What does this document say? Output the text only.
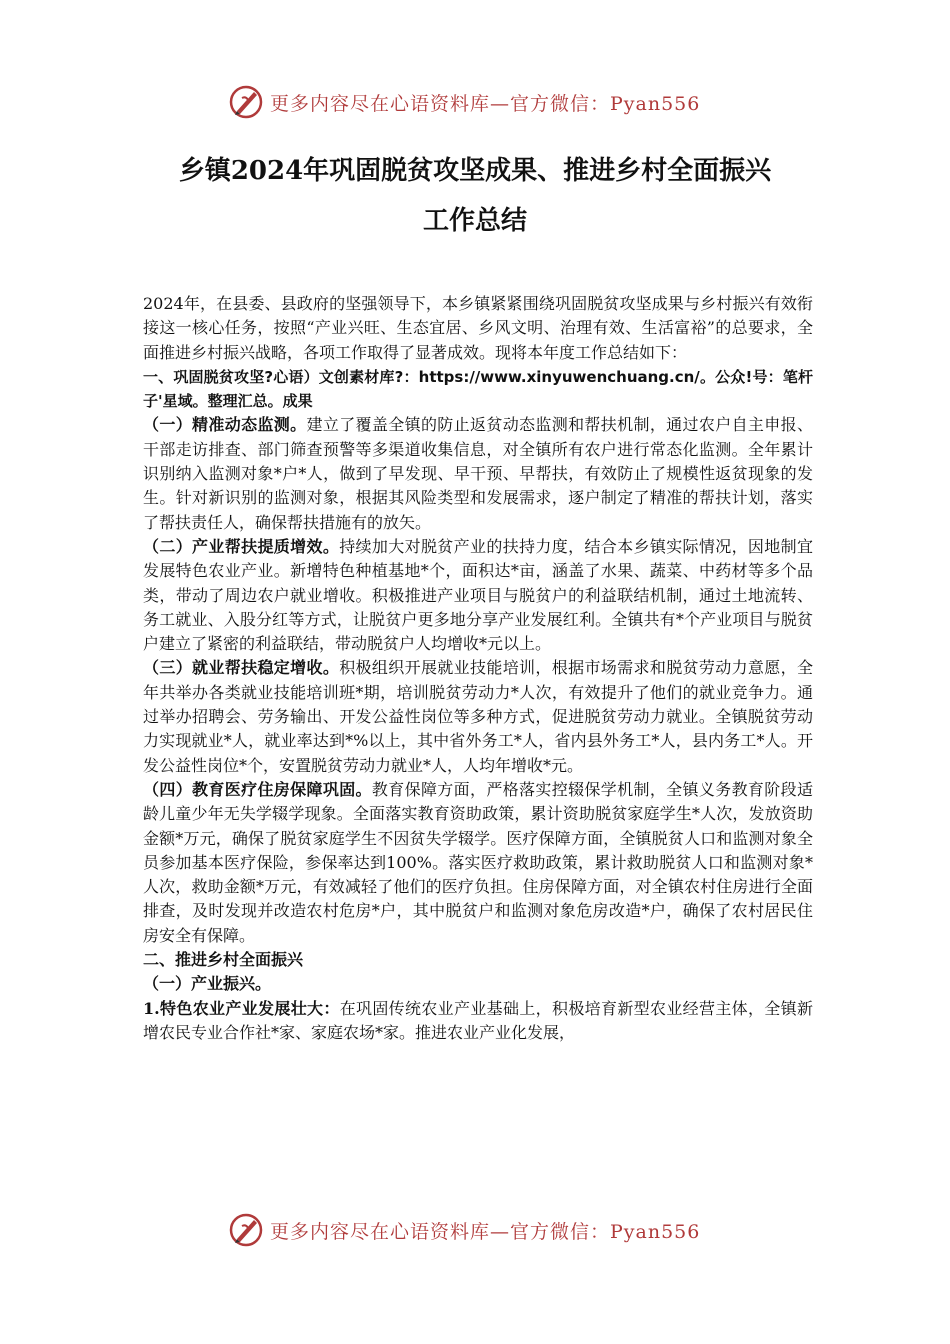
更多内容尽在心语资料库—官方微信：Pyan556
乡镇2024年巩固脱贫攻坚成果、推进乡村全面振兴
工作总结

2024年，在县委、县政府的坚强领导下，本乡镇紧紧围绕巩固脱贫攻坚成果与乡村振兴有效衔接这一核心任务，按照“产业兴旺、生态宜居、乡风文明、治理有效、生活富裕”的总要求，全面推进乡村振兴战略，各项工作取得了显著成效。现将本年度工作总结如下：

一、巩固脱贫攻坚?心语）文创素材库?：https://www.xinyuwenchuang.cn/。公众!号：笔杆子'星域。整理汇总。成果

（一）精准动态监测。建立了覆盖全镇的防止返贫动态监测和帮扶机制，通过农户自主申报、干部走访排查、部门筛查预警等多渠道收集信息，对全镇所有农户进行常态化监测。全年累计识别纳入监测对象*户*人，做到了早发现、早干预、早帮扶，有效防止了规模性返贫现象的发生。针对新识别的监测对象，根据其风险类型和发展需求，逐户制定了精准的帮扶计划，落实了帮扶责任人，确保帮扶措施有的放矢。

（二）产业帮扶提质增效。持续加大对脱贫产业的扶持力度，结合本乡镇实际情况，因地制宜发展特色农业产业。新增特色种植基地*个，面积达*亩，涵盖了水果、蔬菜、中药材等多个品类，带动了周边农户就业增收。积极推进产业项目与脱贫户的利益联结机制，通过土地流转、务工就业、入股分红等方式，让脱贫户更多地分享产业发展红利。全镇共有*个产业项目与脱贫户建立了紧密的利益联结，带动脱贫户人均增收*元以上。

（三）就业帮扶稳定增收。积极组织开展就业技能培训，根据市场需求和脱贫劳动力意愿，全年共举办各类就业技能培训班*期，培训脱贫劳动力*人次，有效提升了他们的就业竞争力。通过举办招聘会、劳务输出、开发公益性岗位等多种方式，促进脱贫劳动力就业。全镇脱贫劳动力实现就业*人，就业率达到*%以上，其中省外务工*人，省内县外务工*人，县内务工*人。开发公益性岗位*个，安置脱贫劳动力就业*人，人均年增收*元。

（四）教育医疗住房保障巩固。教育保障方面，严格落实控辍保学机制，全镇义务教育阶段适龄儿童少年无失学辍学现象。全面落实教育资助政策，累计资助脱贫家庭学生*人次，发放资助金额*万元，确保了脱贫家庭学生不因贫失学辍学。医疗保障方面，全镇脱贫人口和监测对象全员参加基本医疗保险，参保率达到100%。落实医疗救助政策，累计救助脱贫人口和监测对象*人次，救助金额*万元，有效减轻了他们的医疗负担。住房保障方面，对全镇农村住房进行全面排查，及时发现并改造农村危房*户，其中脱贫户和监测对象危房改造*户，确保了农村居民住房安全有保障。

二、推进乡村全面振兴

（一）产业振兴。

1.特色农业产业发展壮大：在巩固传统农业产业基础上，积极培育新型农业经营主体，全镇新增农民专业合作社*家、家庭农场*家。推进农业产业化发展，

更多内容尽在心语资料库—官方微信：Pyan556
